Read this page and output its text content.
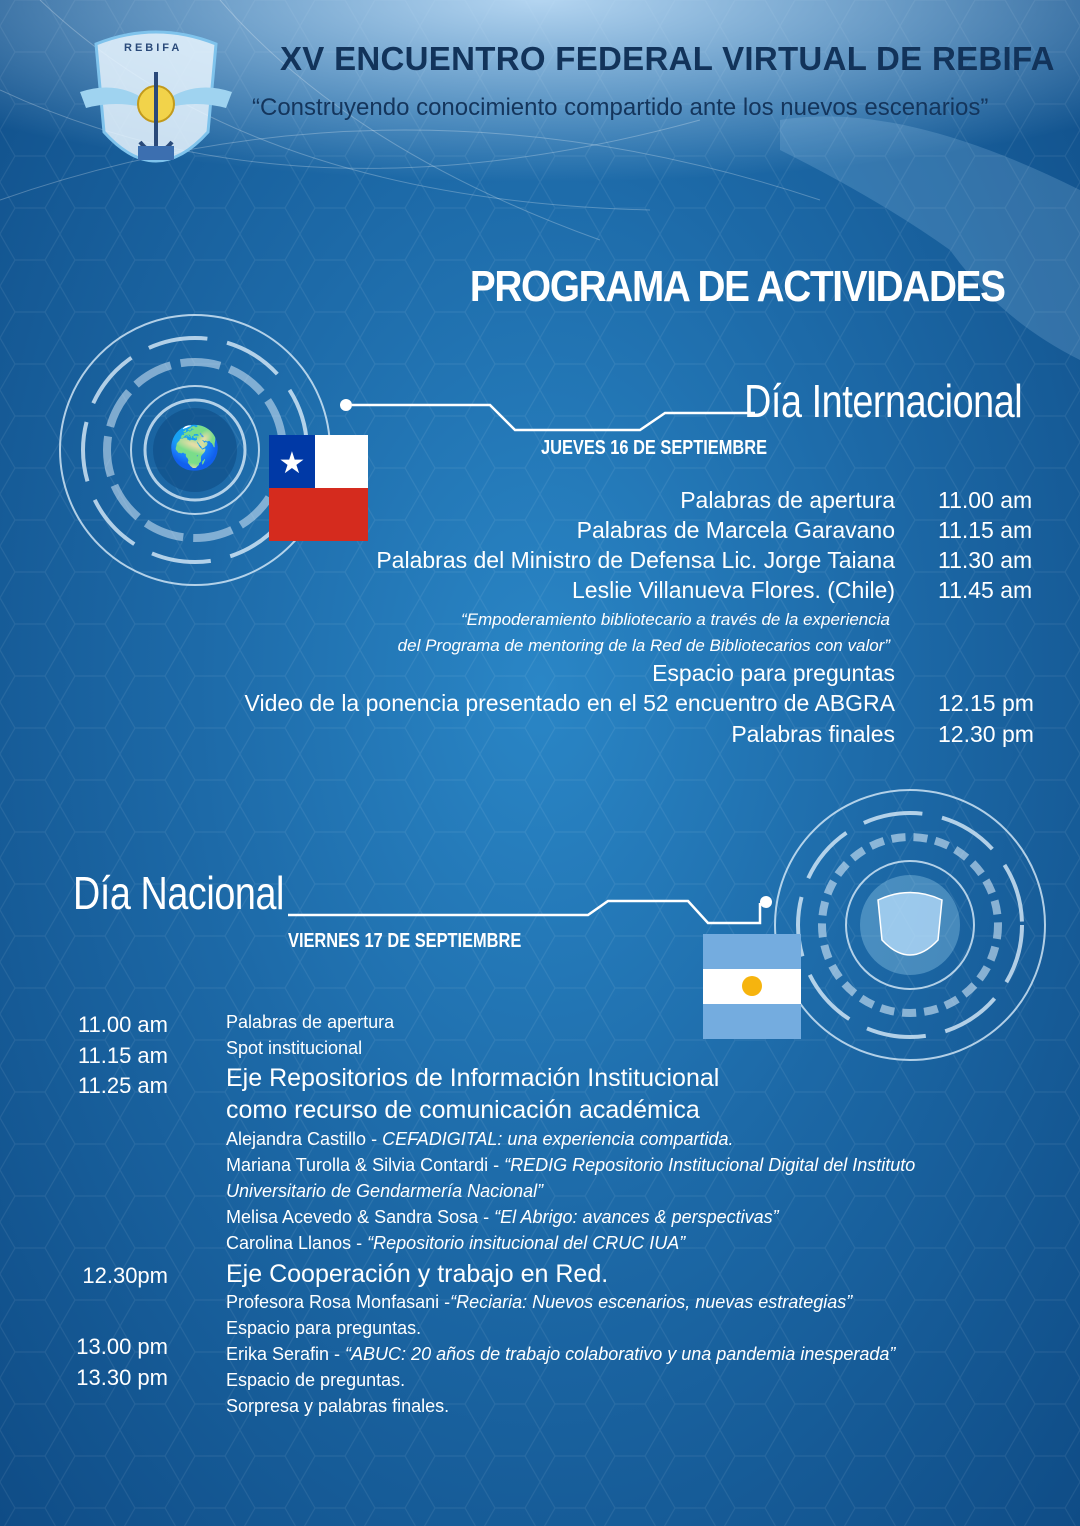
REBIFA	XV ENCUENTRO FEDERAL VIRTUAL DE REBIFA
“Construyendo conocimiento compartido ante los nuevos escenarios”
PROGRAMA DE ACTIVIDADES
🌍 ★
Día Internacional
JUEVES 16 DE SEPTIEMBRE
Palabras de apertura 11.00 am
Palabras de Marcela Garavano 11.15 am
Palabras del Ministro de Defensa Lic. Jorge Taiana 11.30 am
Leslie Villanueva Flores. (Chile) 11.45 am
“Empoderamiento bibliotecario a través de la experiencia
del Programa de mentoring de la Red de Bibliotecarios con valor”
Espacio para preguntas
Video de la ponencia presentado en el 52 encuentro de ABGRA 12.15 pm
Palabras finales 12.30 pm
Día Nacional
VIERNES 17 DE SEPTIEMBRE
11.00 am
11.15 am
11.25 am
12.30pm
13.00 pm
13.30 pm
Palabras de apertura
Spot institucional
Eje Repositorios de Información Institucional
como recurso de comunicación académica
Alejandra Castillo - CEFADIGITAL: una experiencia compartida.
Mariana Turolla & Silvia Contardi - “REDIG Repositorio Institucional Digital del Instituto
Universitario de Gendarmería Nacional”
Melisa Acevedo & Sandra Sosa - “El Abrigo: avances & perspectivas”
Carolina Llanos - “Repositorio insitucional del CRUC IUA”
Eje Cooperación y trabajo en Red.
Profesora Rosa Monfasani -“Reciaria: Nuevos escenarios, nuevas estrategias”
Espacio para preguntas.
Erika Serafin - “ABUC: 20 años de trabajo colaborativo y una pandemia inesperada”
Espacio de preguntas.
Sorpresa y palabras finales.
